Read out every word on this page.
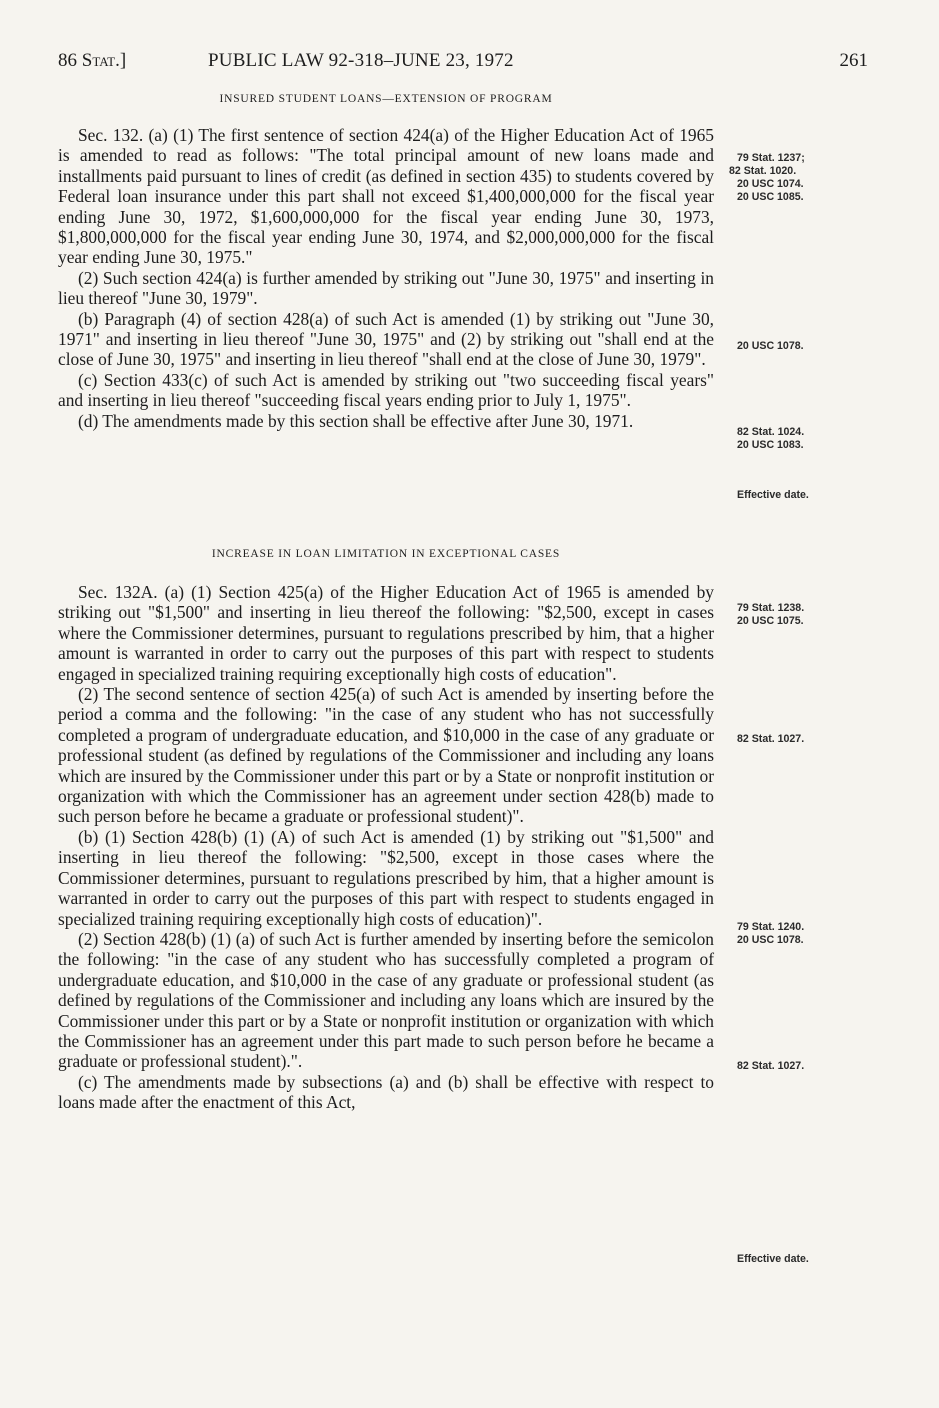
86 Stat.]	PUBLIC LAW 92-318–JUNE 23, 1972	261
INSURED STUDENT LOANS—EXTENSION OF PROGRAM

Sec. 132. (a) (1) The first sentence of section 424(a) of the Higher Education Act of 1965 is amended to read as follows: "The total principal amount of new loans made and installments paid pursuant to lines of credit (as defined in section 435) to students covered by Federal loan insurance under this part shall not exceed $1,400,000,000 for the fiscal year ending June 30, 1972, $1,600,000,000 for the fiscal year ending June 30, 1973, $1,800,000,000 for the fiscal year ending June 30, 1974, and $2,000,000,000 for the fiscal year ending June 30, 1975."

(2) Such section 424(a) is further amended by striking out "June 30, 1975" and inserting in lieu thereof "June 30, 1979".

(b) Paragraph (4) of section 428(a) of such Act is amended (1) by striking out "June 30, 1971" and inserting in lieu thereof "June 30, 1975" and (2) by striking out "shall end at the close of June 30, 1975" and inserting in lieu thereof "shall end at the close of June 30, 1979".

(c) Section 433(c) of such Act is amended by striking out "two succeeding fiscal years" and inserting in lieu thereof "succeeding fiscal years ending prior to July 1, 1975".

(d) The amendments made by this section shall be effective after June 30, 1971.

INCREASE IN LOAN LIMITATION IN EXCEPTIONAL CASES

Sec. 132A. (a) (1) Section 425(a) of the Higher Education Act of 1965 is amended by striking out "$1,500" and inserting in lieu thereof the following: "$2,500, except in cases where the Commissioner determines, pursuant to regulations prescribed by him, that a higher amount is warranted in order to carry out the purposes of this part with respect to students engaged in specialized training requiring exceptionally high costs of education".

(2) The second sentence of section 425(a) of such Act is amended by inserting before the period a comma and the following: "in the case of any student who has not successfully completed a program of undergraduate education, and $10,000 in the case of any graduate or professional student (as defined by regulations of the Commissioner and including any loans which are insured by the Commissioner under this part or by a State or nonprofit institution or organization with which the Commissioner has an agreement under section 428(b) made to such person before he became a graduate or professional student)".

(b) (1) Section 428(b) (1) (A) of such Act is amended (1) by striking out "$1,500" and inserting in lieu thereof the following: "$2,500, except in those cases where the Commissioner determines, pursuant to regulations prescribed by him, that a higher amount is warranted in order to carry out the purposes of this part with respect to students engaged in specialized training requiring exceptionally high costs of education)".

(2) Section 428(b) (1) (a) of such Act is further amended by inserting before the semicolon the following: "in the case of any student who has successfully completed a program of undergraduate education, and $10,000 in the case of any graduate or professional student (as defined by regulations of the Commissioner and including any loans which are insured by the Commissioner under this part or by a State or nonprofit institution or organization with which the Commissioner has an agreement under this part made to such person before he became a graduate or professional student).".

(c) The amendments made by subsections (a) and (b) shall be effective with respect to loans made after the enactment of this Act,

79 Stat. 1237;
82 Stat. 1020.
20 USC 1074.
20 USC 1085.
20 USC 1078.
82 Stat. 1024.
20 USC 1083.
Effective date.
79 Stat. 1238.
20 USC 1075.
82 Stat. 1027.
79 Stat. 1240.
20 USC 1078.
82 Stat. 1027.
Effective date.
